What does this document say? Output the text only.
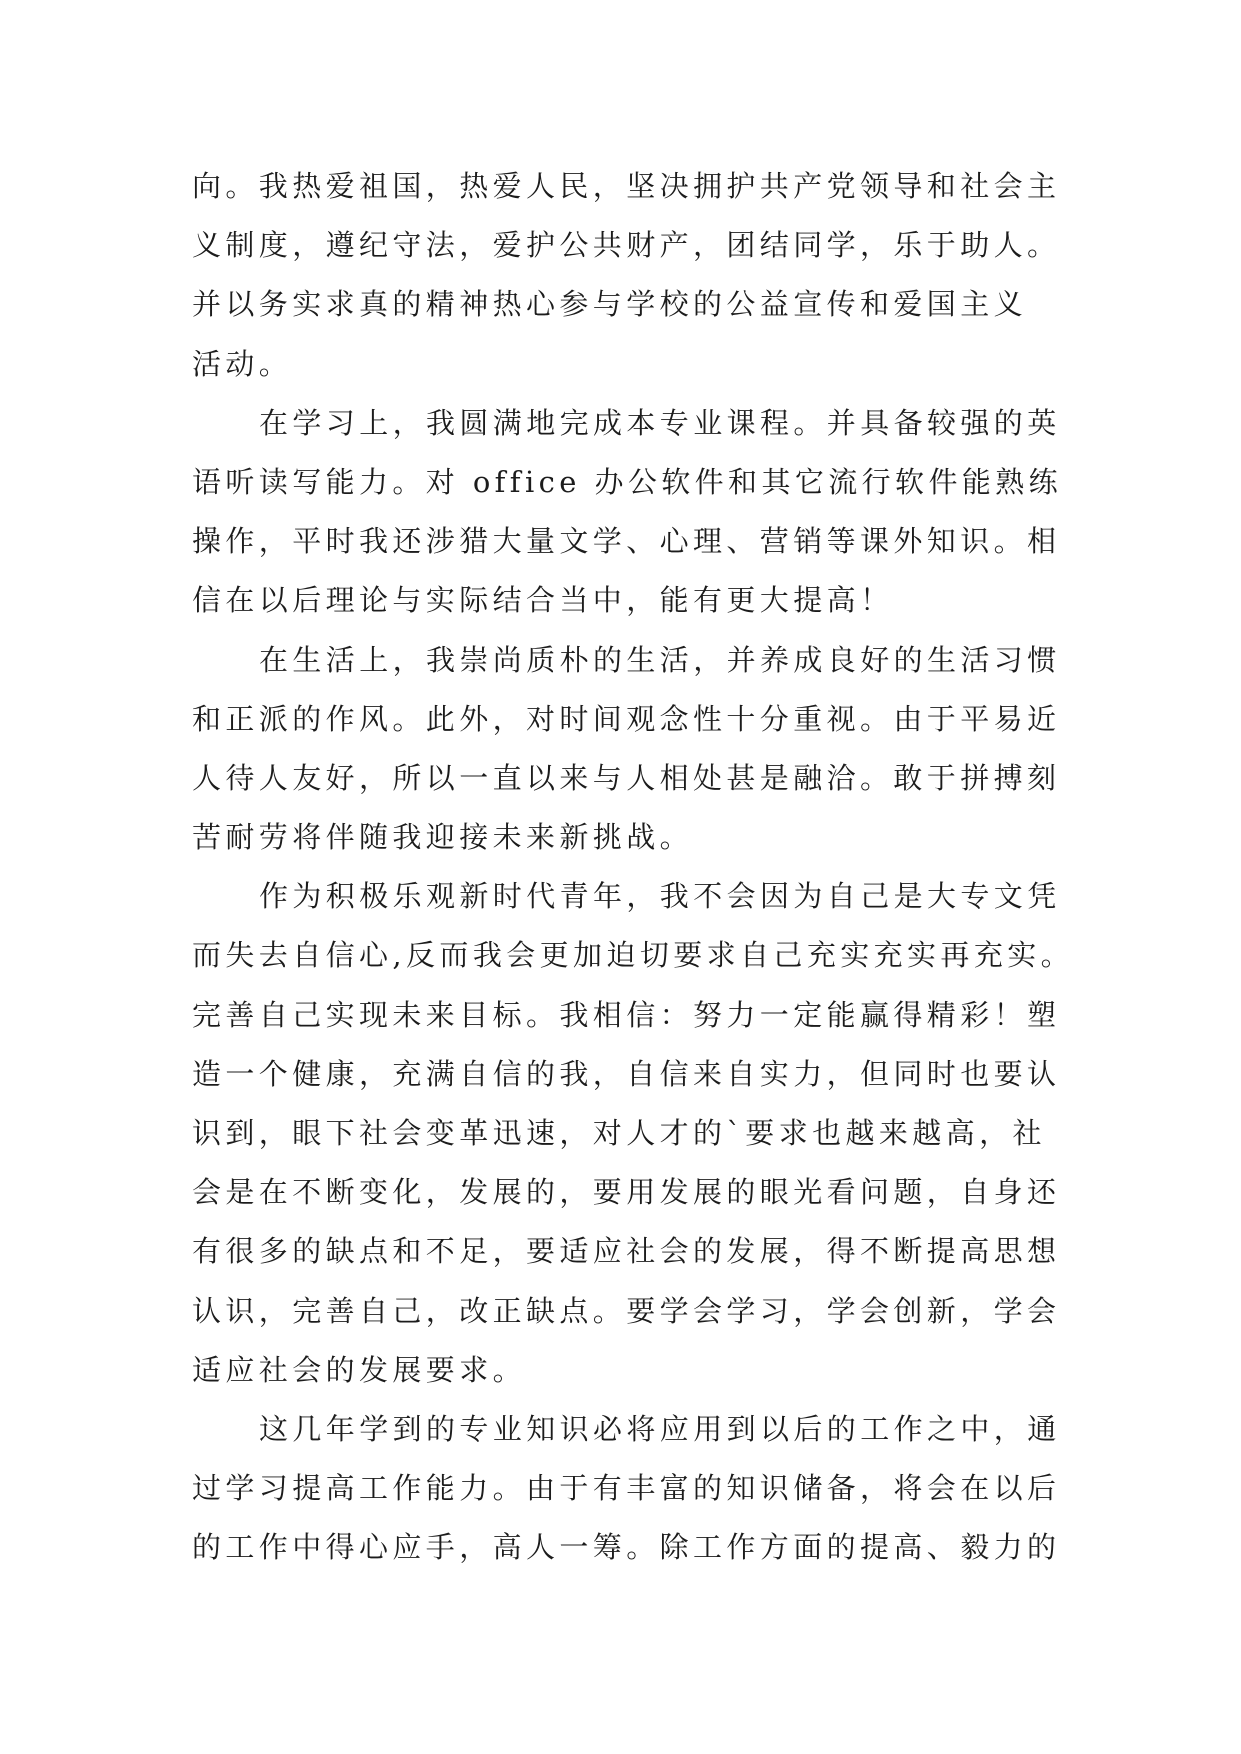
向。我热爱祖国，热爱人民，坚决拥护共产党领导和社会主
义制度，遵纪守法，爱护公共财产，团结同学，乐于助人。
并以务实求真的精神热心参与学校的公益宣传和爱国主义
活动。
在学习上，我圆满地完成本专业课程。并具备较强的英
语听读写能力。对 office 办公软件和其它流行软件能熟练
操作，平时我还涉猎大量文学、心理、营销等课外知识。相
信在以后理论与实际结合当中，能有更大提高！
在生活上，我崇尚质朴的生活，并养成良好的生活习惯
和正派的作风。此外，对时间观念性十分重视。由于平易近
人待人友好，所以一直以来与人相处甚是融洽。敢于拼搏刻
苦耐劳将伴随我迎接未来新挑战。
作为积极乐观新时代青年，我不会因为自己是大专文凭
而失去自信心,反而我会更加迫切要求自己充实充实再充实。
完善自己实现未来目标。我相信：努力一定能赢得精彩！塑
造一个健康，充满自信的我，自信来自实力，但同时也要认
识到，眼下社会变革迅速，对人才的`要求也越来越高，社
会是在不断变化，发展的，要用发展的眼光看问题，自身还
有很多的缺点和不足，要适应社会的发展，得不断提高思想
认识，完善自己，改正缺点。要学会学习，学会创新，学会
适应社会的发展要求。
这几年学到的专业知识必将应用到以后的工作之中，通
过学习提高工作能力。由于有丰富的知识储备，将会在以后
的工作中得心应手，高人一筹。除工作方面的提高、毅力的
